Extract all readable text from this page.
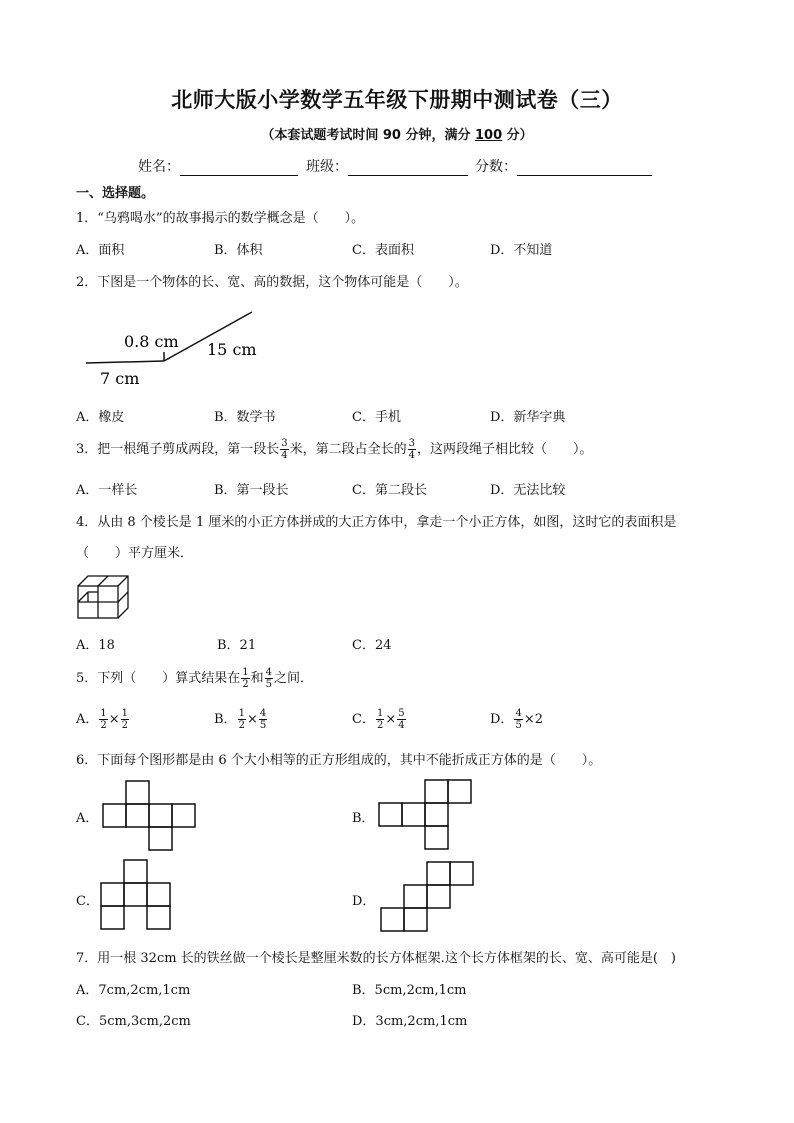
北师大版小学数学五年级下册期中测试卷（三）
（本套试题考试时间 90 分钟，满分 100 分）
姓名：	班级：	分数：
一、选择题。
1．“乌鸦喝水”的故事揭示的数学概念是（　　）。
A．面积	B．体积	C．表面积	D．不知道
2．下图是一个物体的长、宽、高的数据，这个物体可能是（　　）。
0.8 cm 15 cm
7 cm
A．橡皮	B．数学书	C．手机	D．新华字典
3．把一根绳子剪成两段，第一段长 $\frac{3}{4}$ 米，第二段占全长的 $\frac{3}{4}$ ，这两段绳子相比较（　　）。
A．一样长	B．第一段长	C．第二段长	D．无法比较
4．从由 8 个棱长是 1 厘米的小正方体拼成的大正方体中，拿走一个小正方体，如图，这时它的表面积是
（　　）平方厘米．
A．18	B．21	C．24
5．下列（　　）算式结果在 $\frac{1}{2}$ 和 $\frac{4}{5}$ 之间．
A． $\frac{1}{2} \times \frac{1}{2}$	B． $\frac{1}{2} \times \frac{4}{5}$	C． $\frac{1}{2} \times \frac{5}{4}$	D． $\frac{4}{5} \times 2$
6．下面每个图形都是由 6 个大小相等的正方形组成的，其中不能折成正方体的是（　　）。
A．	B．
C．	D．
7．用一根 32cm 长的铁丝做一个棱长是整厘米数的长方体框架.这个长方体框架的长、宽、高可能是(　)
A．7cm,2cm,1cm	B．5cm,2cm,1cm
C．5cm,3cm,2cm	D．3cm,2cm,1cm
